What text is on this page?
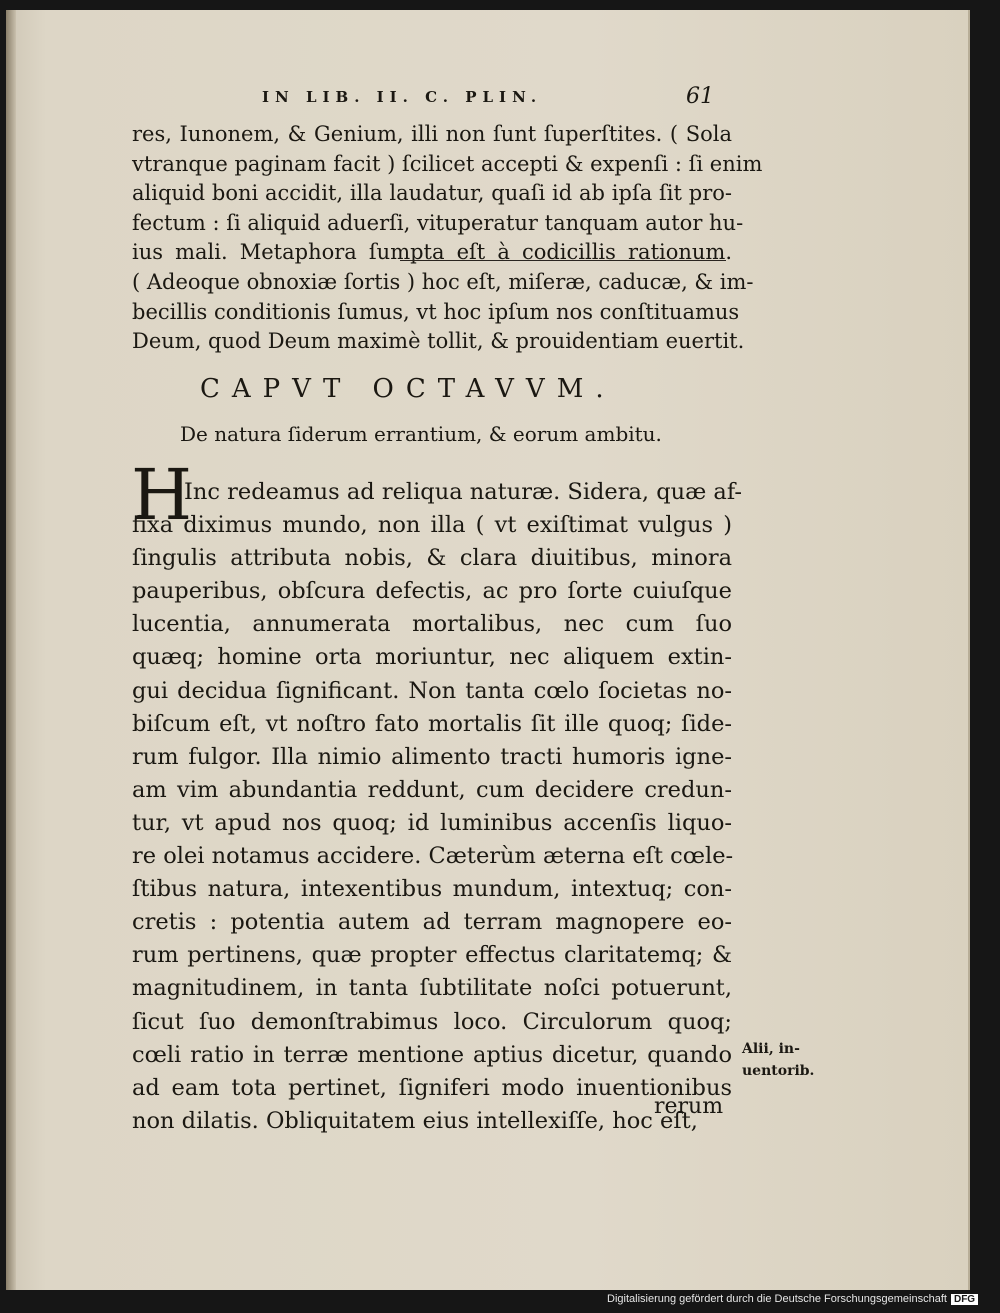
IN LIB. II. C. PLIN.	61
res, Iunonem, & Genium, illi non ſunt ſuperſtites. ( Sola
vtranque paginam facit ) ſcilicet accepti & expenſi : ſi enim
aliquid boni accidit, illa laudatur, quaſi id ab ipſa ſit pro-
fectum : ſi aliquid aduerſi, vituperatur tanquam autor hu-
ius mali. Metaphora ſumpta eſt à codicillis rationum.
( Adeoque obnoxiæ ſortis ) hoc eſt, miſeræ, caducæ, & im-
becillis conditionis ſumus, vt hoc ipſum nos conſtituamus
Deum, quod Deum maximè tollit, & prouidentiam euertit.
CAPVT OCTAVVM.
De natura ſiderum errantium, & eorum ambitu.
H
Inc redeamus ad reliqua naturæ. Sidera, quæ af-
fixa diximus mundo, non illa ( vt exiſtimat vulgus )
ſingulis attributa nobis, & clara diuitibus, minora
pauperibus, obſcura defectis, ac pro ſorte cuiuſque
lucentia, annumerata mortalibus, nec cum ſuo
quæq; homine orta moriuntur, nec aliquem extin-
gui decidua ſignificant. Non tanta cœlo ſocietas no-
biſcum eſt, vt noſtro fato mortalis ſit ille quoq; ſide-
rum fulgor. Illa nimio alimento tracti humoris igne-
am vim abundantia reddunt, cum decidere credun-
tur, vt apud nos quoq; id luminibus accenſis liquo-
re olei notamus accidere. Cæterùm æterna eſt cœle-
ſtibus natura, intexentibus mundum, intextuq; con-
cretis : potentia autem ad terram magnopere eo-
rum pertinens, quæ propter effectus claritatemq; &
magnitudinem, in tanta ſubtilitate noſci potuerunt,
ſicut ſuo demonſtrabimus loco. Circulorum quoq;
cœli ratio in terræ mentione aptius dicetur, quando
ad eam tota pertinet, ſigniferi modo inuentionibus
non dilatis. Obliquitatem eius intellexiſſe, hoc eſt,
rerum
Alii, in-
uentorib.
Digitalisierung gefördert durch die Deutsche Forschungsgemeinschaft DFG
